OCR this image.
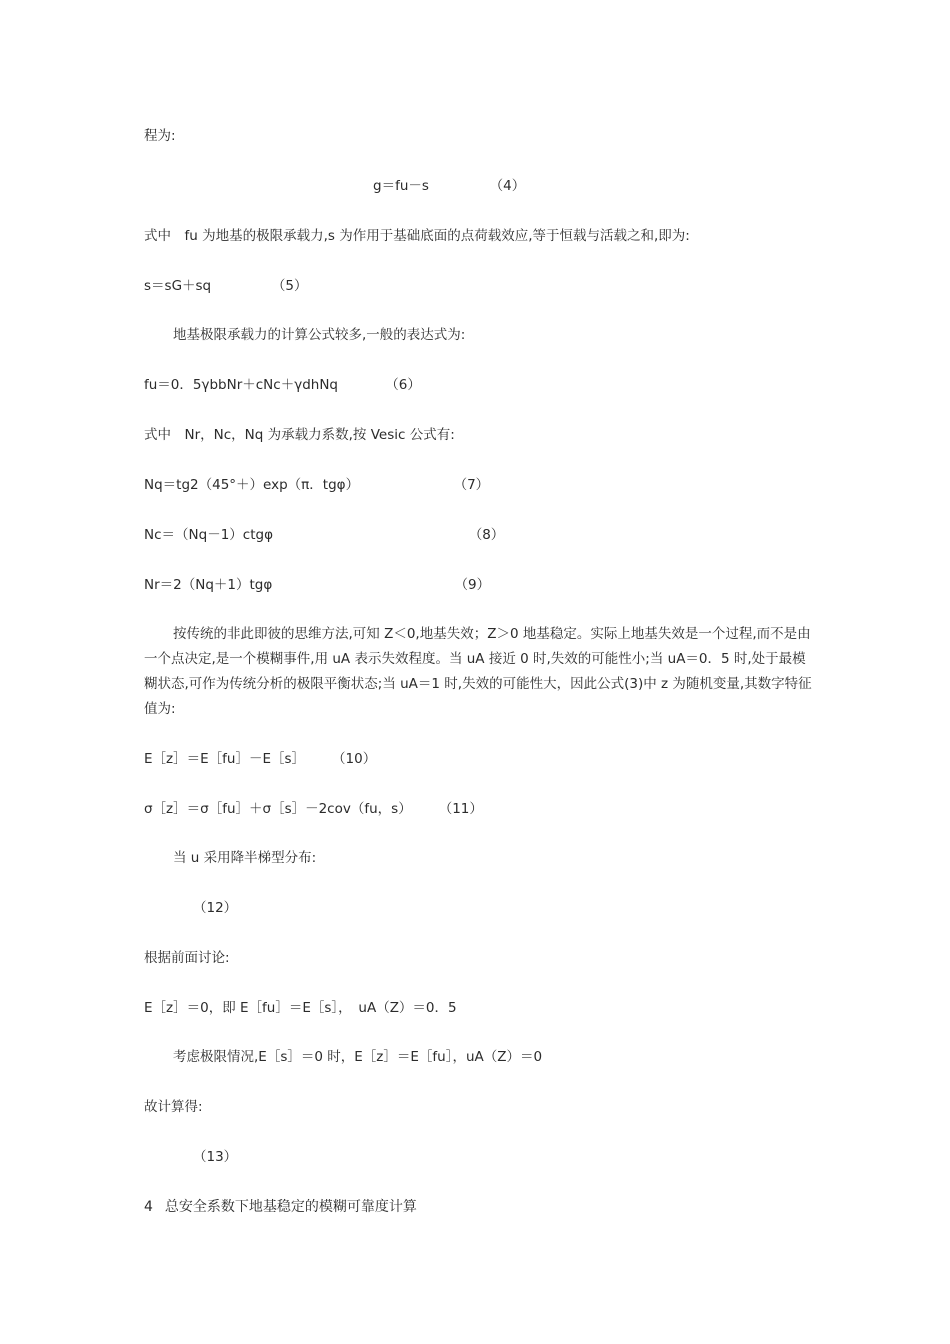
程为:
g＝fu－s　　　　　（4）
式中　fu 为地基的极限承载力,s 为作用于基础底面的点荷载效应,等于恒载与活载之和,即为:
s＝sG＋sq　　　　　（5）
地基极限承载力的计算公式较多,一般的表达式为:
fu＝0．5γbbNr＋cNc＋γdhNq　　　　（6）
式中　Nr，Nc，Nq 为承载力系数,按 Vesic 公式有:
Nq＝tg2（45°＋）exp（π．tgφ）　　　　　　　　（7）
Nc＝（Nq－1）ctgφ　　　　　　　　　　　　　　　（8）
Nr＝2（Nq＋1）tgφ　　　　　　　　　　　　　　（9）
按传统的非此即彼的思维方法,可知 Z＜0,地基失效；Z＞0 地基稳定。实际上地基失效是一个过程,而不是由一个点决定,是一个模糊事件,用 uA 表示失效程度。当 uA 接近 0 时,失效的可能性小;当 uA＝0．5 时,处于最模糊状态,可作为传统分析的极限平衡状态;当 uA＝1 时,失效的可能性大，因此公式(3)中 z 为随机变量,其数字特征值为:
E［z］＝E［fu］－E［s］　　　（10）
σ［z］＝σ［fu］＋σ［s］－2cov（fu，s）　　　（11）
当 u 采用降半梯型分布:
（12）
根据前面讨论:
E［z］＝0，即 E［fu］＝E［s］，　uA（Z）＝0．5
考虑极限情况,E［s］＝0 时，E［z］＝E［fu］，uA（Z）＝0
故计算得:
（13）
4 总安全系数下地基稳定的模糊可靠度计算
